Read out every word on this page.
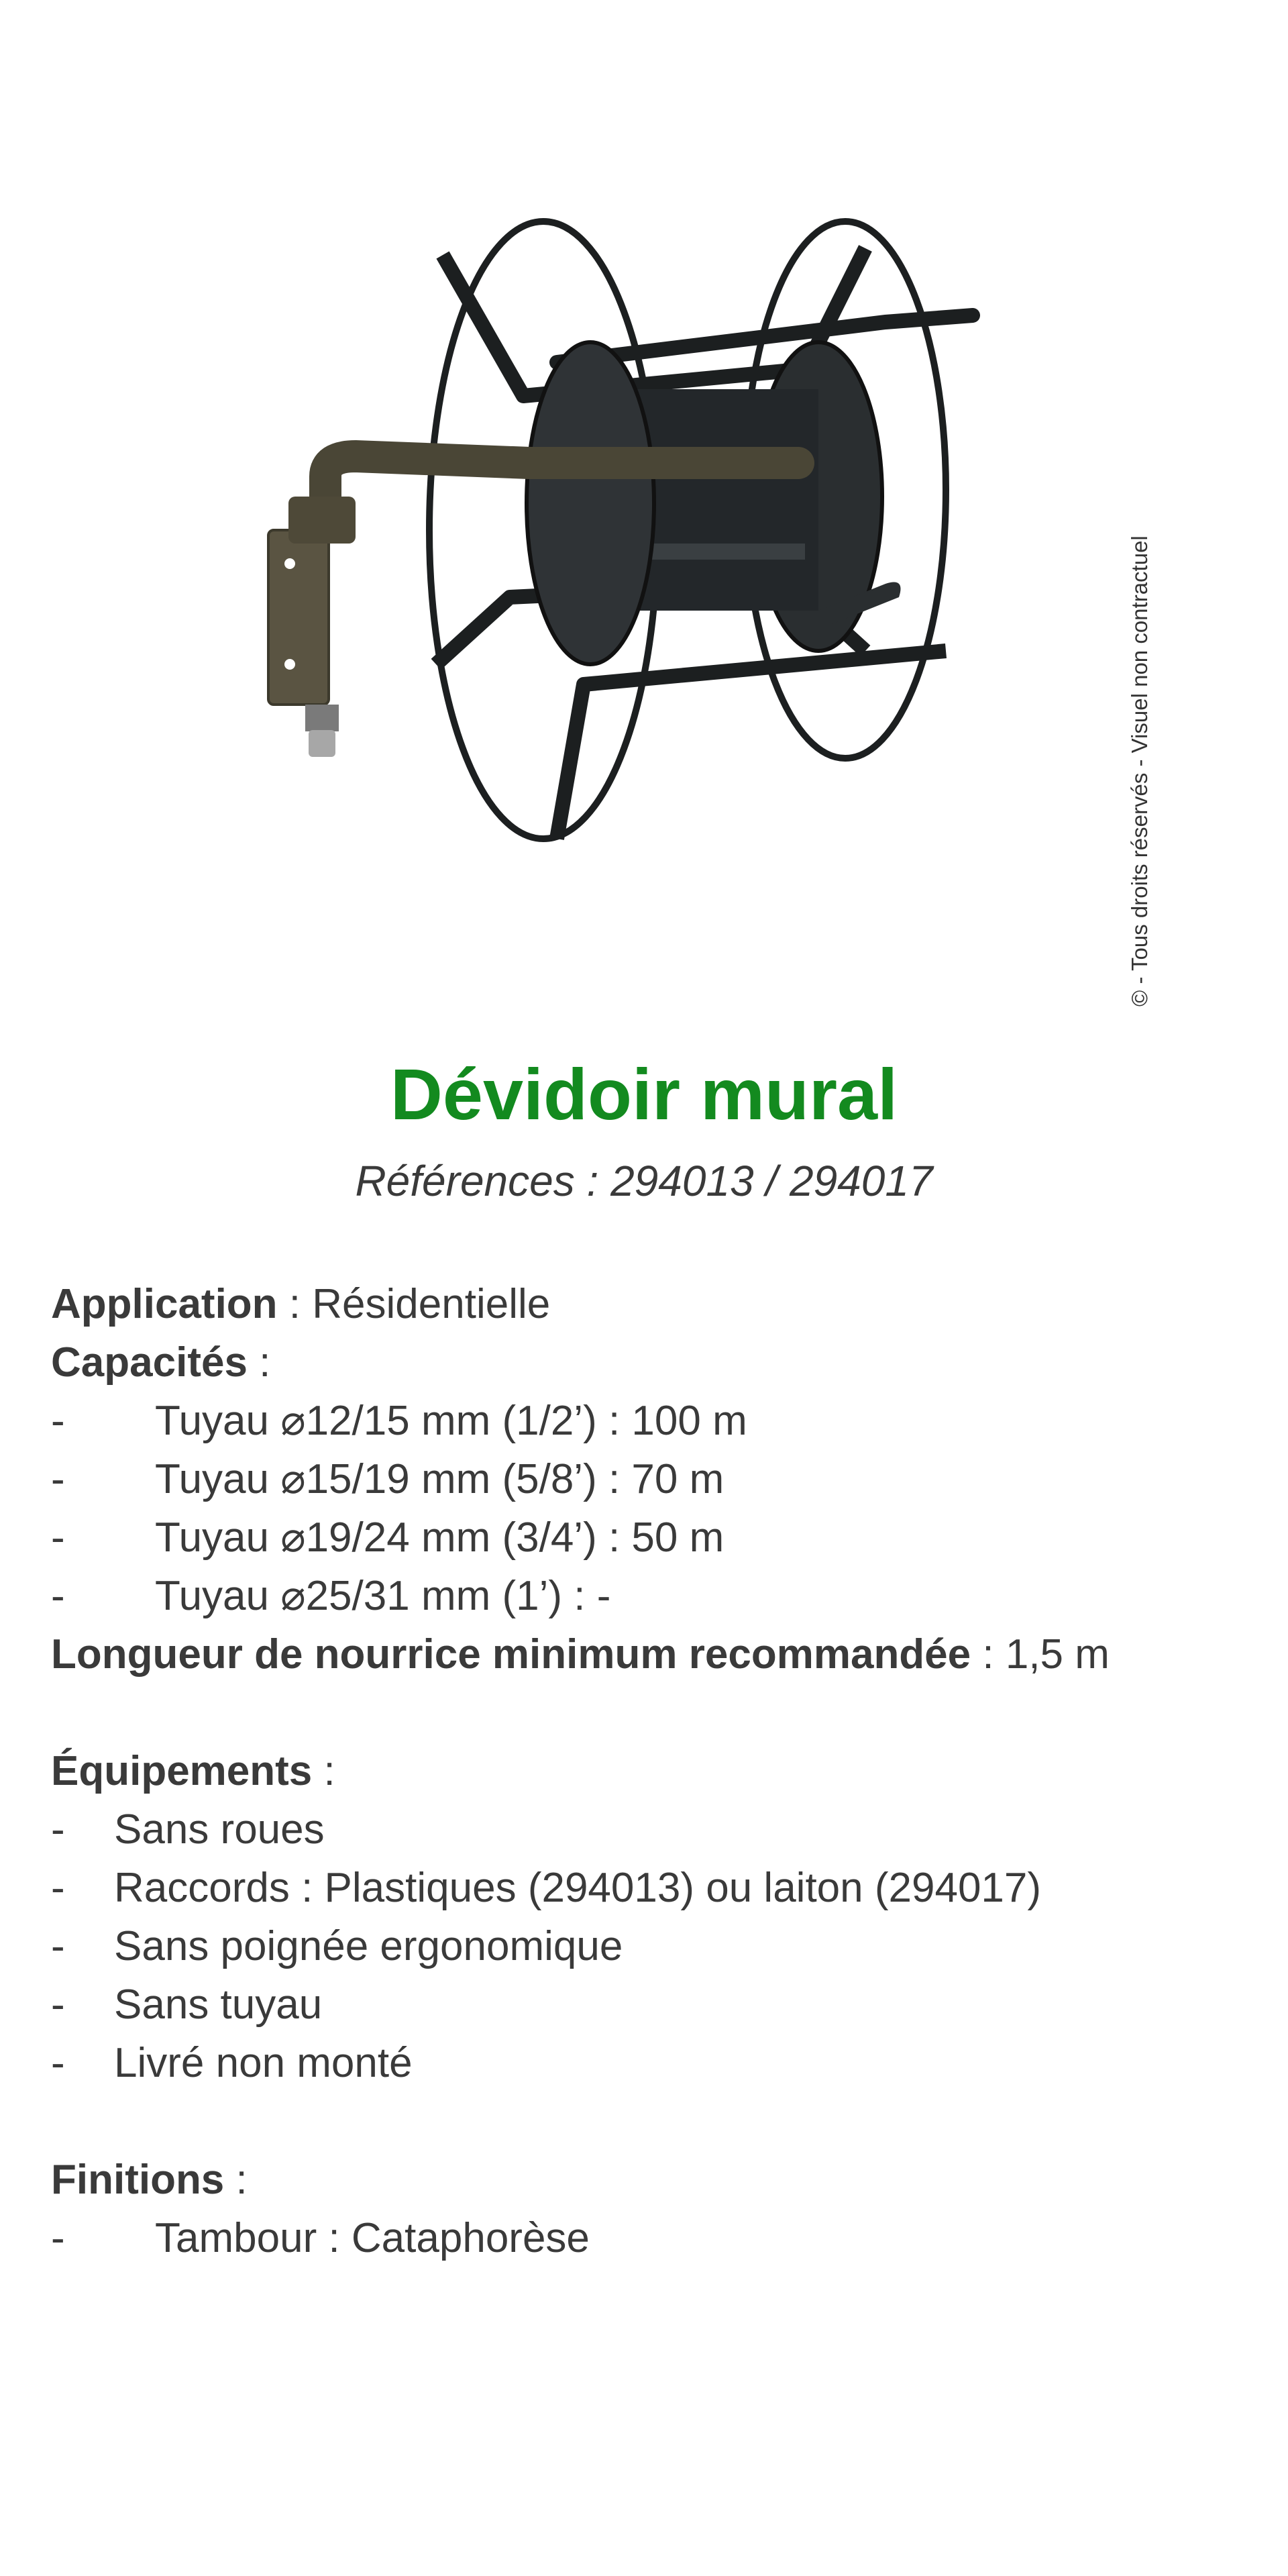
© - Tous droits réservés - Visuel non contractuel
Dévidoir mural
Références : 294013 / 294017
Application : Résidentielle
Capacités :
- Tuyau ⌀12/15 mm (1/2’) : 100 m
- Tuyau ⌀15/19 mm (5/8’) : 70 m
- Tuyau ⌀19/24 mm (3/4’) : 50 m
- Tuyau ⌀25/31 mm (1’) : -
Longueur de nourrice minimum recommandée : 1,5 m
Équipements :
- Sans roues
- Raccords : Plastiques (294013) ou laiton (294017)
- Sans poignée ergonomique
- Sans tuyau
- Livré non monté
Finitions :
- Tambour : Cataphorèse
